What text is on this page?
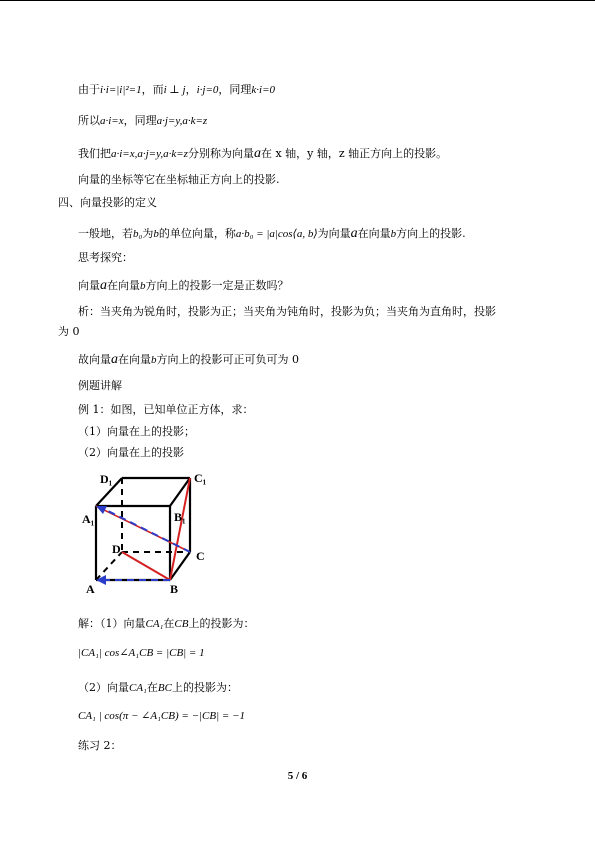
由于i·i=|i|²=1，而i ⊥ j，i·j=0，同理k·i=0
所以a·i=x，同理a·j=y,a·k=z
我们把a·i=x,a·j=y,a·k=z分别称为向量a在 x 轴，y 轴，z 轴正方向上的投影。
向量的坐标等它在坐标轴正方向上的投影.
四、向量投影的定义
一般地，若b₀为b的单位向量，称a·b₀ = |a|cos⟨a, b⟩为向量a在向量b方向上的投影.
思考探究：
向量a在向量b方向上的投影一定是正数吗？
析：当夹角为锐角时，投影为正；当夹角为钝角时，投影为负；当夹角为直角时，投影
为 0
故向量a在向量b方向上的投影可正可负可为 0
例题讲解
例 1：如图，已知单位正方体，求：
（1）向量在上的投影；
（2）向量在上的投影
D₁	C₁
A₁	B₁
D	C
A	B
解：（1）向量CA₁在CB上的投影为：
|CA₁| cos∠A₁CB = |CB| = 1
（2）向量CA₁在BC上的投影为：
CA₁ | cos(π − ∠A₁CB) = −|CB| = −1
练习 2：
5 / 6
